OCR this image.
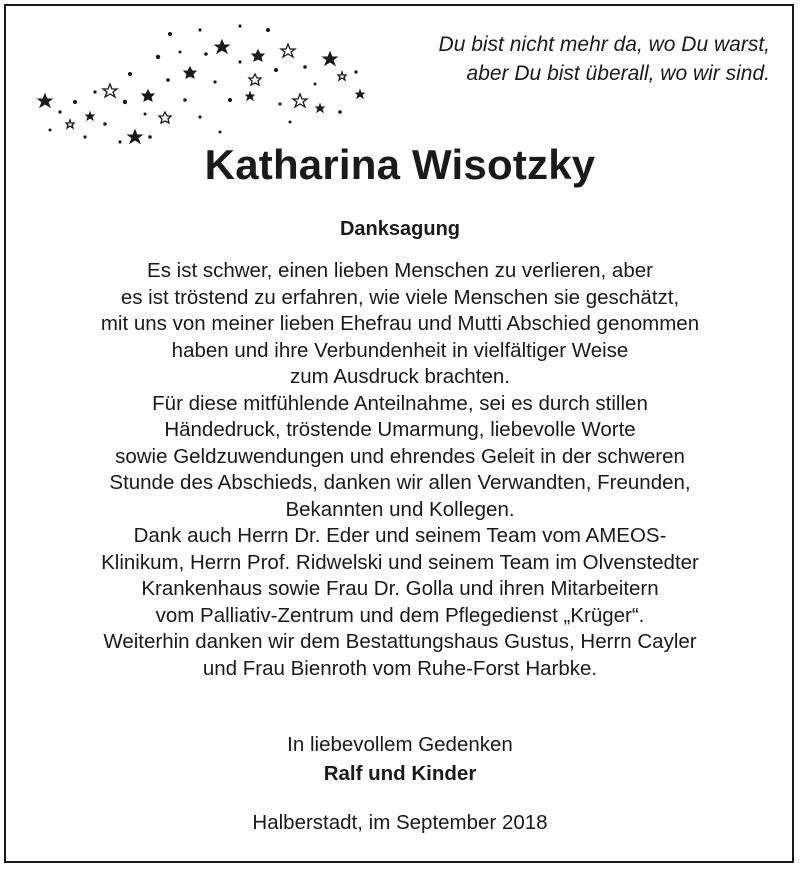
Du bist nicht mehr da, wo Du warst,
aber Du bist überall, wo wir sind.
Katharina Wisotzky
Danksagung
Es ist schwer, einen lieben Menschen zu verlieren, aber
es ist tröstend zu erfahren, wie viele Menschen sie geschätzt,
mit uns von meiner lieben Ehefrau und Mutti Abschied genommen
haben und ihre Verbundenheit in vielfältiger Weise
zum Ausdruck brachten.
Für diese mitfühlende Anteilnahme, sei es durch stillen
Händedruck, tröstende Umarmung, liebevolle Worte
sowie Geldzuwendungen und ehrendes Geleit in der schweren
Stunde des Abschieds, danken wir allen Verwandten, Freunden,
Bekannten und Kollegen.
Dank auch Herrn Dr. Eder und seinem Team vom AMEOS-
Klinikum, Herrn Prof. Ridwelski und seinem Team im Olvenstedter
Krankenhaus sowie Frau Dr. Golla und ihren Mitarbeitern
vom Palliativ-Zentrum und dem Pflegedienst „Krüger“.
Weiterhin danken wir dem Bestattungshaus Gustus, Herrn Cayler
und Frau Bienroth vom Ruhe-Forst Harbke.
In liebevollem Gedenken
Ralf und Kinder
Halberstadt, im September 2018
